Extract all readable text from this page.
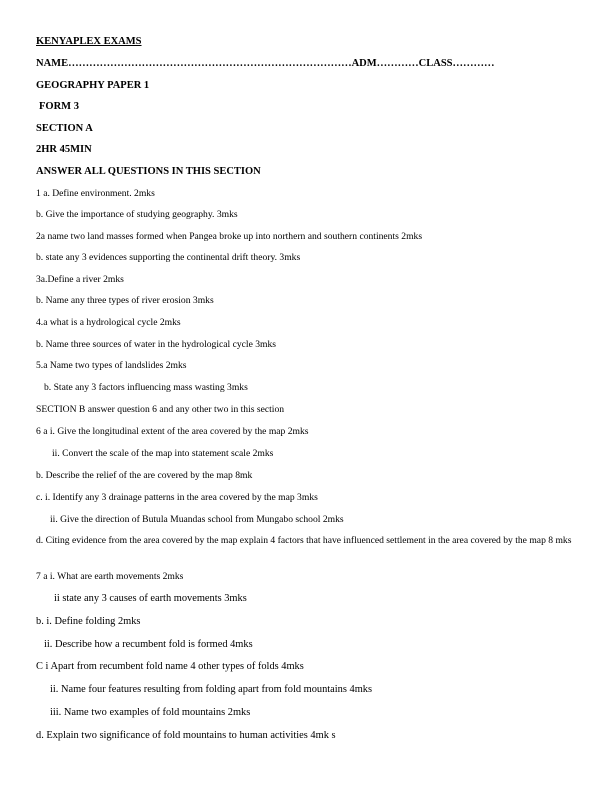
KENYAPLEX EXAMS
NAME………………………………………………………………………ADM…………CLASS…………
GEOGRAPHY PAPER 1
FORM 3
SECTION A
2HR 45MIN
ANSWER ALL QUESTIONS IN THIS SECTION
1 a. Define environment. 2mks
b. Give the importance of studying geography. 3mks
2a name two land masses formed when Pangea broke up into northern and southern continents 2mks
b. state any 3 evidences supporting the continental drift theory. 3mks
3a.Define a river 2mks
b. Name any three types of river erosion 3mks
4.a what is a hydrological cycle 2mks
b. Name three sources of water in the hydrological cycle 3mks
5.a Name two types of landslides 2mks
b. State any 3 factors influencing mass wasting 3mks
SECTION B answer question 6 and any other two in this section
6 a i. Give the longitudinal extent of the area covered by the map 2mks
ii. Convert the scale of the map into statement scale 2mks
b. Describe the relief of the are covered by the map 8mk
c. i. Identify any 3 drainage patterns in the area covered by the map 3mks
ii. Give the direction of Butula Muandas school from Mungabo school 2mks
d. Citing evidence from the area covered by the map explain 4 factors that have influenced settlement in the area covered by the map 8 mks
7 a i. What are earth movements 2mks
ii state any 3 causes of earth movements 3mks
b. i. Define folding 2mks
ii. Describe how a recumbent fold is formed 4mks
C i Apart from recumbent fold name 4 other types of folds 4mks
ii. Name four features resulting from folding apart from fold mountains 4mks
iii. Name two examples of fold mountains 2mks
d. Explain two significance of fold mountains to human activities 4mk s
